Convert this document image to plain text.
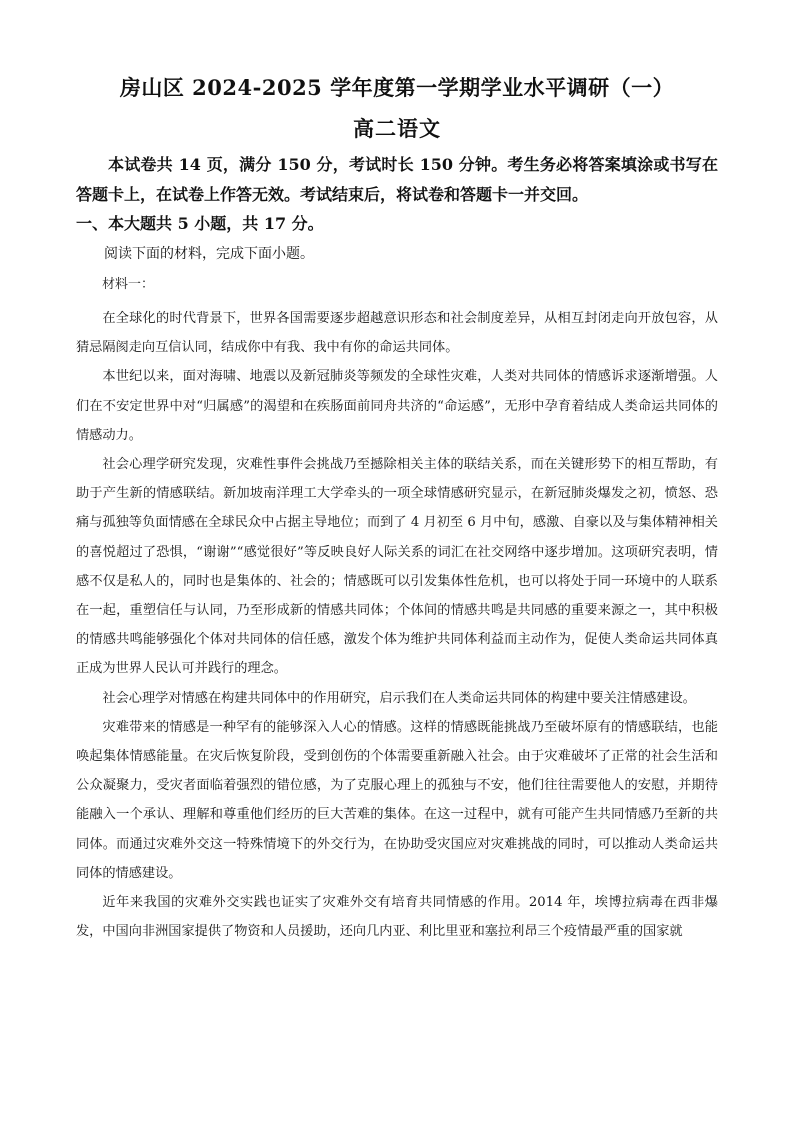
房山区 2024-2025 学年度第一学期学业水平调研（一）
高二语文
本试卷共 14 页，满分 150 分，考试时长 150 分钟。考生务必将答案填涂或书写在答题卡上，在试卷上作答无效。考试结束后，将试卷和答题卡一并交回。
一、本大题共 5 小题，共 17 分。
阅读下面的材料，完成下面小题。
材料一：

在全球化的时代背景下，世界各国需要逐步超越意识形态和社会制度差异，从相互封闭走向开放包容，从猜忌隔阂走向互信认同，结成你中有我、我中有你的命运共同体。

本世纪以来，面对海啸、地震以及新冠肺炎等频发的全球性灾难，人类对共同体的情感诉求逐渐增强。人们在不安定世界中对“归属感”的渴望和在疾肠面前同舟共济的“命运感”，无形中孕育着结成人类命运共同体的情感动力。

社会心理学研究发现，灾难性事件会挑战乃至撼除相关主体的联结关系，而在关键形势下的相互帮助，有助于产生新的情感联结。新加坡南洋理工大学牵头的一项全球情感研究显示，在新冠肺炎爆发之初，愤怒、恐痛与孤独等负面情感在全球民众中占据主导地位；而到了 4 月初至 6 月中旬，感激、自豪以及与集体精神相关的喜悦超过了恐惧，“谢谢”“感觉很好”等反映良好人际关系的词汇在社交网络中逐步增加。这项研究表明，情感不仅是私人的，同时也是集体的、社会的；情感既可以引发集体性危机，也可以将处于同一环境中的人联系在一起，重塑信任与认同，乃至形成新的情感共同体；个体间的情感共鸣是共同感的重要来源之一，其中积极的情感共鸣能够强化个体对共同体的信任感，激发个体为维护共同体利益而主动作为，促使人类命运共同体真正成为世界人民认可并践行的理念。

社会心理学对情感在构建共同体中的作用研究，启示我们在人类命运共同体的构建中要关注情感建设。

灾难带来的情感是一种罕有的能够深入人心的情感。这样的情感既能挑战乃至破坏原有的情感联结，也能唤起集体情感能量。在灾后恢复阶段，受到创伤的个体需要重新融入社会。由于灾难破坏了正常的社会生活和公众凝聚力，受灾者面临着强烈的错位感，为了克服心理上的孤独与不安，他们往往需要他人的安慰，并期待能融入一个承认、理解和尊重他们经历的巨大苦难的集体。在这一过程中，就有可能产生共同情感乃至新的共同体。而通过灾难外交这一特殊情境下的外交行为，在协助受灾国应对灾难挑战的同时，可以推动人类命运共同体的情感建设。

近年来我国的灾难外交实践也证实了灾难外交有培育共同情感的作用。2014 年，埃博拉病毒在西非爆发，中国向非洲国家提供了物资和人员援助，还向几内亚、利比里亚和塞拉利昂三个疫情最严重的国家就
